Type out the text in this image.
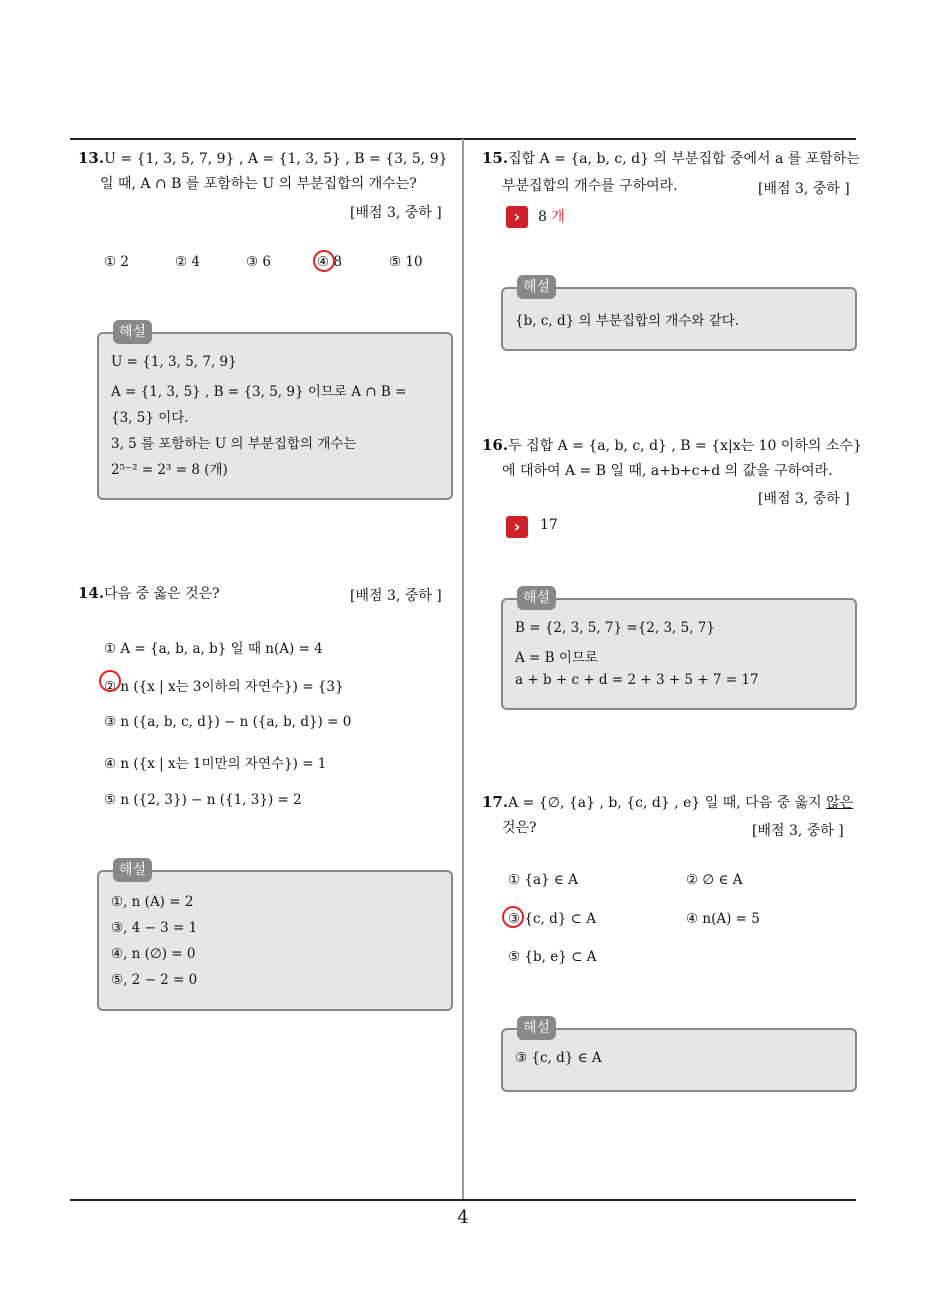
13.U = {1, 3, 5, 7, 9} , A = {1, 3, 5} , B = {3, 5, 9}
일 때, A ∩ B 를 포함하는 U 의 부분집합의 개수는?
[배점 3, 중하 ]
① 2	② 4	③ 6	④ 8	⑤ 10
해설
U = {1, 3, 5, 7, 9}
A = {1, 3, 5} , B = {3, 5, 9} 이므로 A ∩ B =
{3, 5} 이다.
3, 5 를 포함하는 U 의 부분집합의 개수는
2⁵⁻² = 2³ = 8 (개)
14.다음 중 옳은 것은?	[배점 3, 중하 ]
① A = {a, b, a, b} 일 때 n(A) = 4
② n ({x | x는 3이하의 자연수}) = {3}
③ n ({a, b, c, d}) − n ({a, b, d}) = 0
④ n ({x | x는 1미만의 자연수}) = 1
⑤ n ({2, 3}) − n ({1, 3}) = 2
해설
①, n (A) = 2
③, 4 − 3 = 1
④, n (∅) = 0
⑤, 2 − 2 = 0
15.집합 A = {a, b, c, d} 의 부분집합 중에서 a 를 포함하는
부분집합의 개수를 구하여라.	[배점 3, 중하 ]
›	8 개
해설
{b, c, d} 의 부분집합의 개수와 같다.
16.두 집합 A = {a, b, c, d} , B = {x|x는 10 이하의 소수}
에 대하여 A = B 일 때, a+b+c+d 의 값을 구하여라.
[배점 3, 중하 ]
›	17
해설
B = {2, 3, 5, 7} ={2, 3, 5, 7}
A = B 이므로
a + b + c + d = 2 + 3 + 5 + 7 = 17
17.A = {∅, {a} , b, {c, d} , e} 일 때, 다음 중 옳지 않은
것은?	[배점 3, 중하 ]
① {a} ∈ A	② ∅ ∈ A
③ {c, d} ⊂ A	④ n(A) = 5
⑤ {b, e} ⊂ A
해설
③ {c, d} ∈ A
4
